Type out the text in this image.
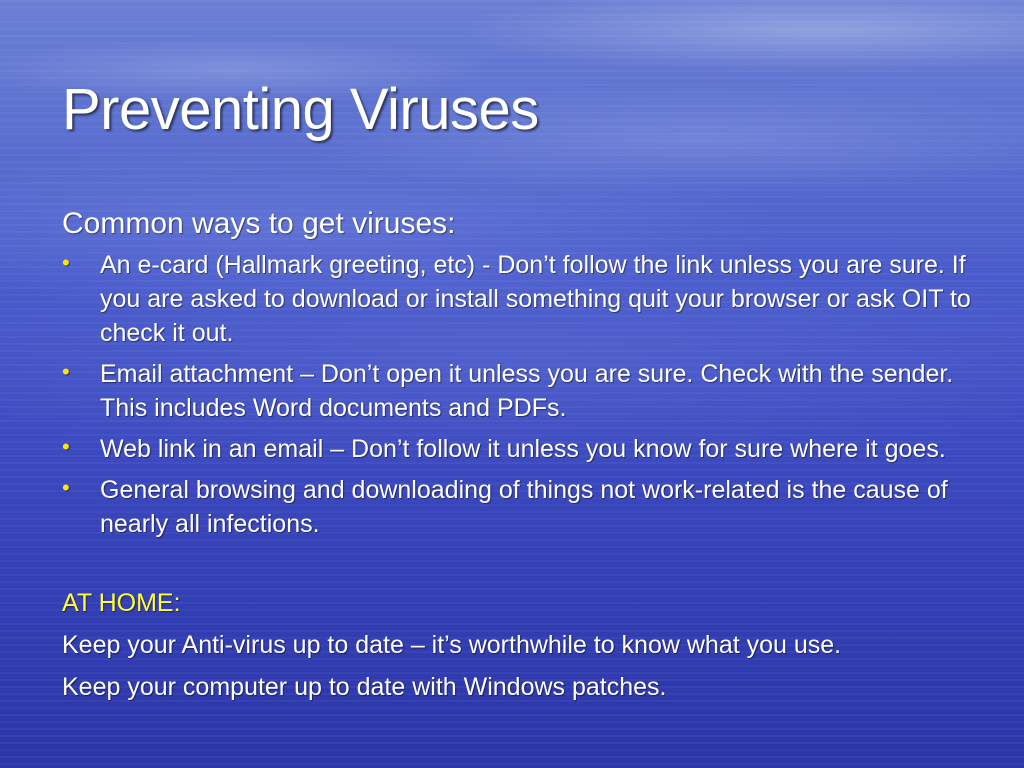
Preventing Viruses

Common ways to get viruses:

• An e-card (Hallmark greeting, etc) - Don’t follow the link unless you are sure. If you are asked to download or install something quit your browser or ask OIT to check it out.
• Email attachment – Don’t open it unless you are sure. Check with the sender. This includes Word documents and PDFs.
• Web link in an email – Don’t follow it unless you know for sure where it goes.
• General browsing and downloading of things not work-related is the cause of nearly all infections.

AT HOME:

Keep your Anti-virus up to date – it’s worthwhile to know what you use.

Keep your computer up to date with Windows patches.
